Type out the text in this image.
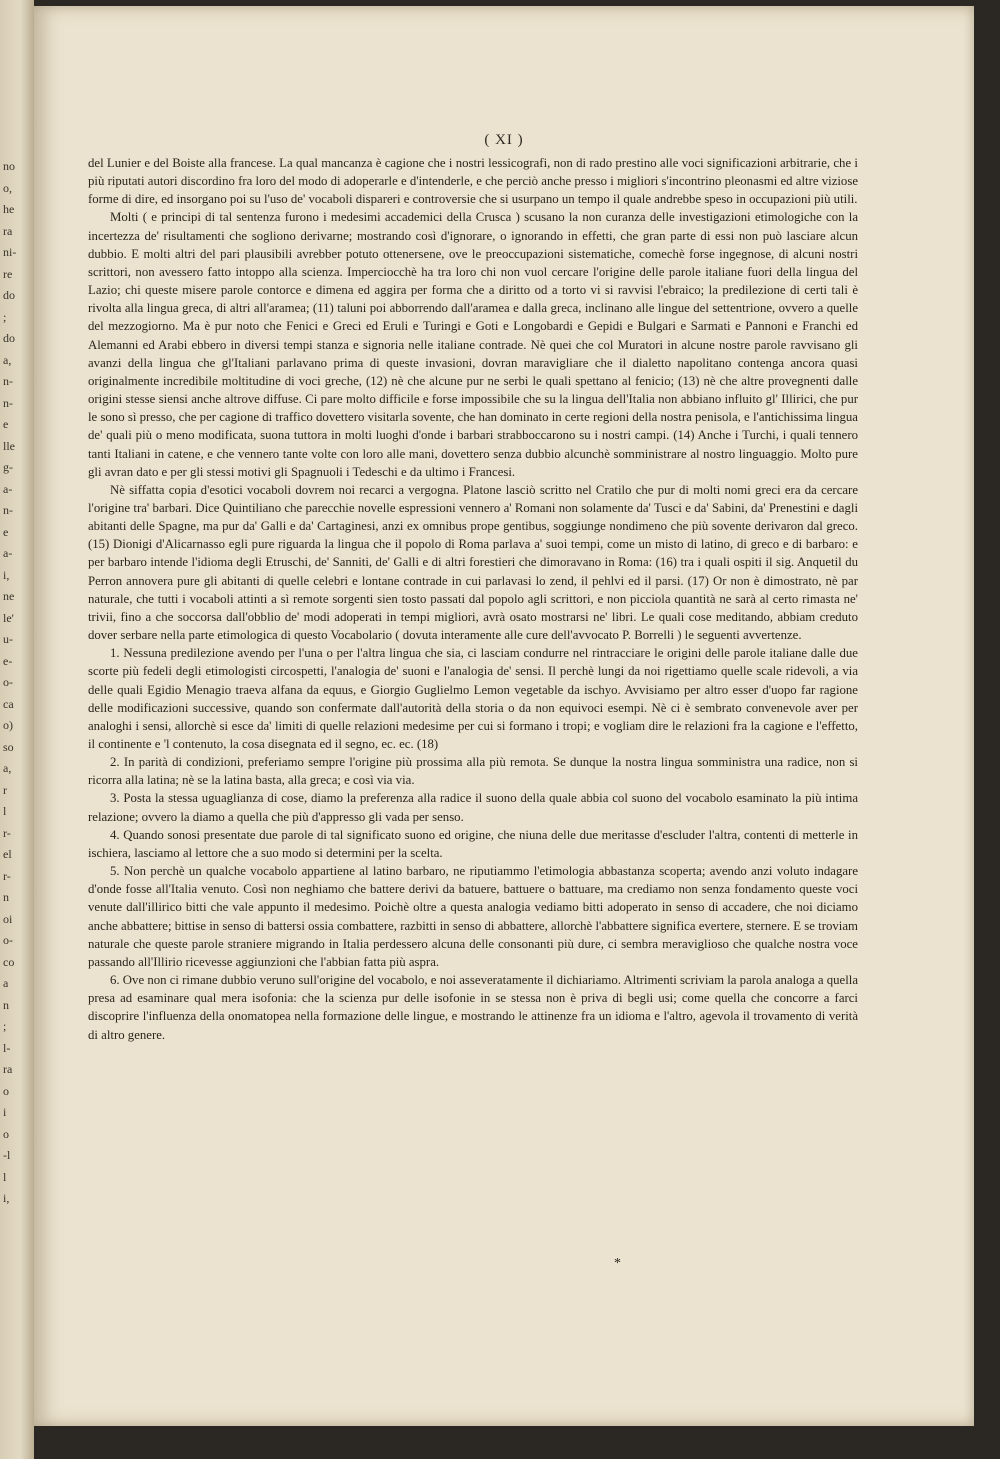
no
o,
he
ra
ni-
re
do
;
do
a,
n-
n-
e
lle
g-
a-
n-
e
a-
i,
ne
le'
u-
e-
o-
ca
o)
so
a,
r
l
r-
el
r-
n
oi
o-
co
a
n
;
l-
ra
o
i
o
-l
l
i,
( XI )

del Lunier e del Boiste alla francese. La qual mancanza è cagione che i nostri lessicografi, non di rado prestino alle voci significazioni arbitrarie, che i più riputati autori discordino fra loro del modo di adoperarle e d'intenderle, e che perciò anche presso i migliori s'incontrino pleonasmi ed altre viziose forme di dire, ed insorgano poi su l'uso de' vocaboli dispareri e controversie che si usurpano un tempo il quale andrebbe speso in occupazioni più utili.

Molti ( e principi di tal sentenza furono i medesimi accademici della Crusca ) scusano la non curanza delle investigazioni etimologiche con la incertezza de' risultamenti che sogliono derivarne; mostrando così d'ignorare, o ignorando in effetti, che gran parte di essi non può lasciare alcun dubbio. E molti altri del pari plausibili avrebber potuto ottenersene, ove le preoccupazioni sistematiche, comechè forse ingegnose, di alcuni nostri scrittori, non avessero fatto intoppo alla scienza. Imperciocchè ha tra loro chi non vuol cercare l'origine delle parole italiane fuori della lingua del Lazio; chi queste misere parole contorce e dimena ed aggira per forma che a diritto od a torto vi si ravvisi l'ebraico; la predilezione di certi tali è rivolta alla lingua greca, di altri all'aramea; (11) taluni poi abborrendo dall'aramea e dalla greca, inclinano alle lingue del settentrione, ovvero a quelle del mezzogiorno. Ma è pur noto che Fenici e Greci ed Eruli e Turingi e Goti e Longobardi e Gepidi e Bulgari e Sarmati e Pannoni e Franchi ed Alemanni ed Arabi ebbero in diversi tempi stanza e signoria nelle italiane contrade. Nè quei che col Muratori in alcune nostre parole ravvisano gli avanzi della lingua che gl'Italiani parlavano prima di queste invasioni, dovran maravigliare che il dialetto napolitano contenga ancora quasi originalmente incredibile moltitudine di voci greche, (12) nè che alcune pur ne serbi le quali spettano al fenicio; (13) nè che altre provegnenti dalle origini stesse siensi anche altrove diffuse. Ci pare molto difficile e forse impossibile che su la lingua dell'Italia non abbiano influito gl' Illirici, che pur le sono sì presso, che per cagione di traffico dovettero visitarla sovente, che han dominato in certe regioni della nostra penisola, e l'antichissima lingua de' quali più o meno modificata, suona tuttora in molti luoghi d'onde i barbari strabboccarono su i nostri campi. (14) Anche i Turchi, i quali tennero tanti Italiani in catene, e che vennero tante volte con loro alle mani, dovettero senza dubbio alcunchè somministrare al nostro linguaggio. Molto pure gli avran dato e per gli stessi motivi gli Spagnuoli i Tedeschi e da ultimo i Francesi.

Nè siffatta copia d'esotici vocaboli dovrem noi recarci a vergogna. Platone lasciò scritto nel Cratilo che pur di molti nomi greci era da cercare l'origine tra' barbari. Dice Quintiliano che parecchie novelle espressioni vennero a' Romani non solamente da' Tusci e da' Sabini, da' Prenestini e dagli abitanti delle Spagne, ma pur da' Galli e da' Cartaginesi, anzi ex omnibus prope gentibus, soggiunge nondimeno che più sovente derivaron dal greco. (15) Dionigi d'Alicarnasso egli pure riguarda la lingua che il popolo di Roma parlava a' suoi tempi, come un misto di latino, di greco e di barbaro: e per barbaro intende l'idioma degli Etruschi, de' Sanniti, de' Galli e di altri forestieri che dimoravano in Roma: (16) tra i quali ospiti il sig. Anquetil du Perron annovera pure gli abitanti di quelle celebri e lontane contrade in cui parlavasi lo zend, il pehlvi ed il parsi. (17) Or non è dimostrato, nè par naturale, che tutti i vocaboli attinti a sì remote sorgenti sien tosto passati dal popolo agli scrittori, e non picciola quantità ne sarà al certo rimasta ne' trivii, fino a che soccorsa dall'obblio de' modi adoperati in tempi migliori, avrà osato mostrarsi ne' libri. Le quali cose meditando, abbiam creduto dover serbare nella parte etimologica di questo Vocabolario ( dovuta interamente alle cure dell'avvocato P. Borrelli ) le seguenti avvertenze.

1. Nessuna predilezione avendo per l'una o per l'altra lingua che sia, ci lasciam condurre nel rintracciare le origini delle parole italiane dalle due scorte più fedeli degli etimologisti circospetti, l'analogia de' suoni e l'analogia de' sensi. Il perchè lungi da noi rigettiamo quelle scale ridevoli, a via delle quali Egidio Menagio traeva alfana da equus, e Giorgio Guglielmo Lemon vegetable da ischyo. Avvisiamo per altro esser d'uopo far ragione delle modificazioni successive, quando son confermate dall'autorità della storia o da non equivoci esempi. Nè ci è sembrato convenevole aver per analoghi i sensi, allorchè si esce da' limiti di quelle relazioni medesime per cui si formano i tropi; e vogliam dire le relazioni fra la cagione e l'effetto, il continente e 'l contenuto, la cosa disegnata ed il segno, ec. ec. (18)

2. In parità di condizioni, preferiamo sempre l'origine più prossima alla più remota. Se dunque la nostra lingua somministra una radice, non si ricorra alla latina; nè se la latina basta, alla greca; e così via via.

3. Posta la stessa uguaglianza di cose, diamo la preferenza alla radice il suono della quale abbia col suono del vocabolo esaminato la più intima relazione; ovvero la diamo a quella che più d'appresso gli vada per senso.

4. Quando sonosi presentate due parole di tal significato suono ed origine, che niuna delle due meritasse d'escluder l'altra, contenti di metterle in ischiera, lasciamo al lettore che a suo modo si determini per la scelta.

5. Non perchè un qualche vocabolo appartiene al latino barbaro, ne riputiammo l'etimologia abbastanza scoperta; avendo anzi voluto indagare d'onde fosse all'Italia venuto. Così non neghiamo che battere derivi da batuere, battuere o battuare, ma crediamo non senza fondamento queste voci venute dall'illirico bitti che vale appunto il medesimo. Poichè oltre a questa analogia vediamo bitti adoperato in senso di accadere, che noi diciamo anche abbattere; bittise in senso di battersi ossia combattere, razbitti in senso di abbattere, allorchè l'abbattere significa evertere, sternere. E se troviam naturale che queste parole straniere migrando in Italia perdessero alcuna delle consonanti più dure, ci sembra meraviglioso che qualche nostra voce passando all'Illirio ricevesse aggiunzioni che l'abbian fatta più aspra.

6. Ove non ci rimane dubbio veruno sull'origine del vocabolo, e noi asseveratamente il dichiariamo. Altrimenti scriviam la parola analoga a quella presa ad esaminare qual mera isofonia: che la scienza pur delle isofonie in se stessa non è priva di begli usi; come quella che concorre a farci discoprire l'influenza della onomatopea nella formazione delle lingue, e mostrando le attinenze fra un idioma e l'altro, agevola il trovamento di verità di altro genere.

*
